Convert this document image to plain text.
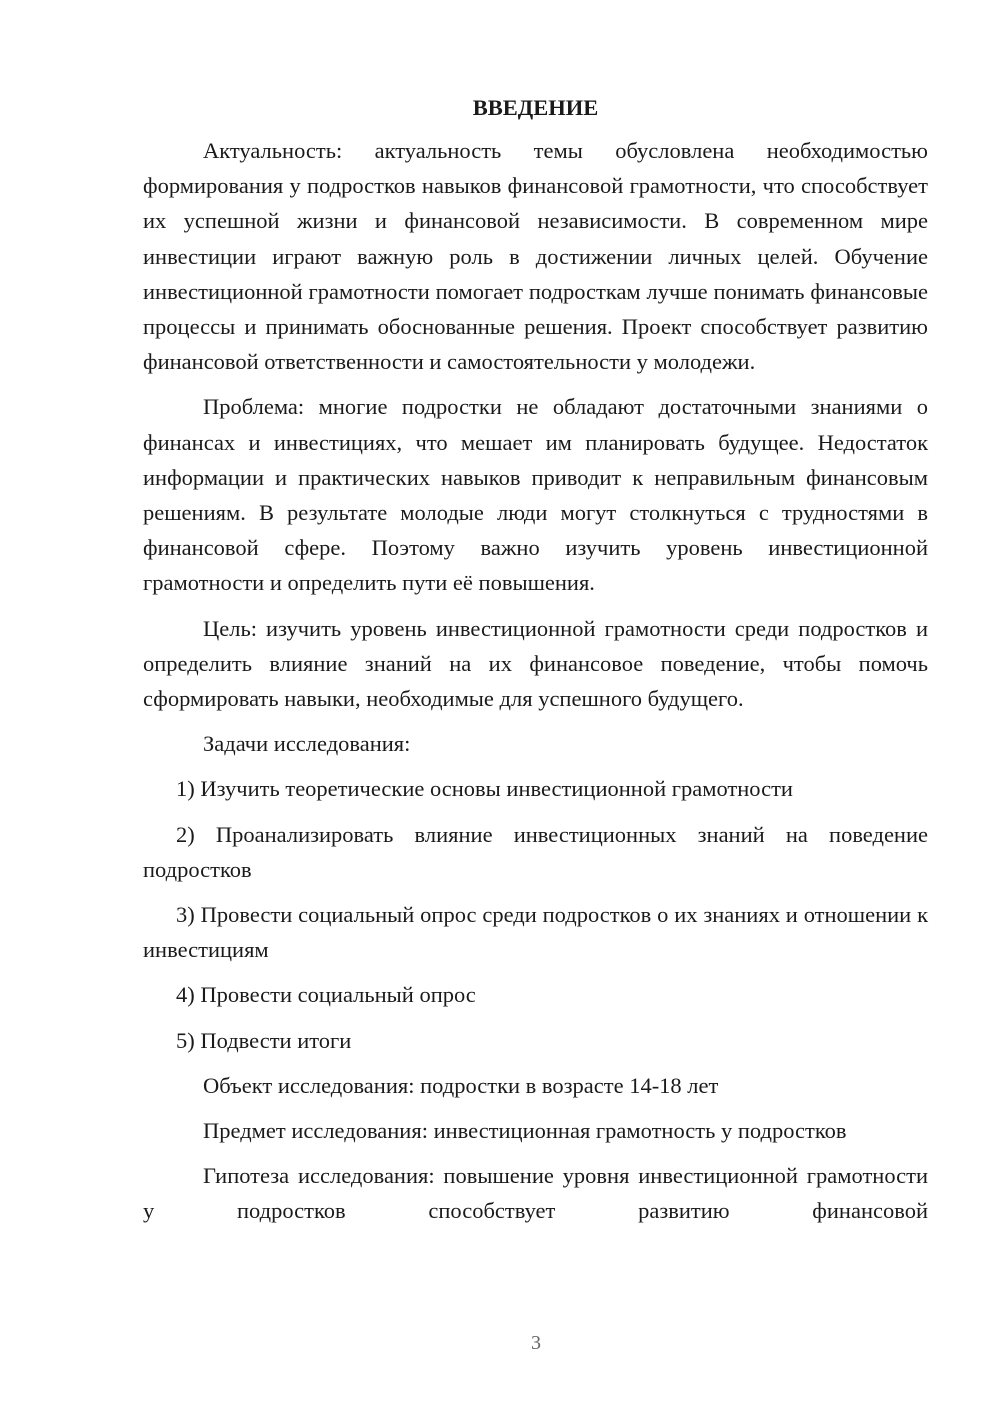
ВВЕДЕНИЕ

Актуальность: актуальность темы обусловлена необходимостью формирования у подростков навыков финансовой грамотности, что способствует их успешной жизни и финансовой независимости. В современном мире инвестиции играют важную роль в достижении личных целей. Обучение инвестиционной грамотности помогает подросткам лучше понимать финансовые процессы и принимать обоснованные решения. Проект способствует развитию финансовой ответственности и самостоятельности у молодежи.

Проблема: многие подростки не обладают достаточными знаниями о финансах и инвестициях, что мешает им планировать будущее. Недостаток информации и практических навыков приводит к неправильным финансовым решениям. В результате молодые люди могут столкнуться с трудностями в финансовой сфере. Поэтому важно изучить уровень инвестиционной грамотности и определить пути её повышения.

Цель: изучить уровень инвестиционной грамотности среди подростков и определить влияние знаний на их финансовое поведение, чтобы помочь сформировать навыки, необходимые для успешного будущего.

Задачи исследования:

1) Изучить теоретические основы инвестиционной грамотности

2) Проанализировать влияние инвестиционных знаний на поведение подростков

3) Провести социальный опрос среди подростков о их знаниях и отношении к инвестициям

4) Провести социальный опрос

5) Подвести итоги

Объект исследования: подростки в возрасте 14-18 лет

Предмет исследования: инвестиционная грамотность у подростков

Гипотеза исследования: повышение уровня инвестиционной грамотности у подростков способствует развитию финансовой

3
